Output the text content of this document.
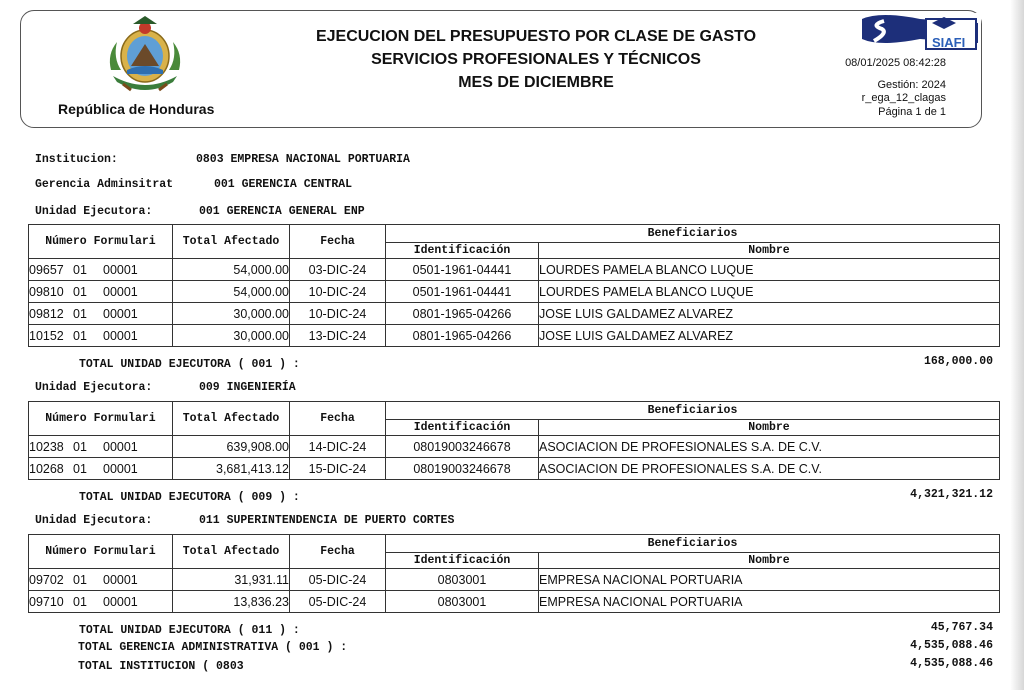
República de Honduras
EJECUCION DEL PRESUPUESTO POR CLASE DE GASTO
SERVICIOS PROFESIONALES Y TÉCNICOS
MES DE DICIEMBRE
SIAFI
08/01/2025 08:42:28
Gestión: 2024
r_ega_12_clagas
Página 1 de 1
Institucion:	0803 EMPRESA NACIONAL PORTUARIA
Gerencia Adminsitrat	001 GERENCIA CENTRAL
Unidad Ejecutora:	001 GERENCIA GENERAL ENP
Número Formulari	Total Afectado	Fecha	Beneficiarios	
			Identificación	Nombre
09657 01 00001	54,000.00	03-DIC-24	0501-1961-04441	LOURDES PAMELA BLANCO LUQUE
09810 01 00001	54,000.00	10-DIC-24	0501-1961-04441	LOURDES PAMELA BLANCO LUQUE
09812 01 00001	30,000.00	10-DIC-24	0801-1965-04266	JOSE LUIS GALDAMEZ ALVAREZ
10152 01 00001	30,000.00	13-DIC-24	0801-1965-04266	JOSE LUIS GALDAMEZ ALVAREZ
TOTAL UNIDAD EJECUTORA ( 001 ) :	168,000.00
Unidad Ejecutora:	009 INGENIERÍA
Número Formulari	Total Afectado	Fecha	Beneficiarios	
			Identificación	Nombre
10238 01 00001	639,908.00	14-DIC-24	08019003246678	ASOCIACION DE PROFESIONALES S.A. DE C.V.
10268 01 00001	3,681,413.12	15-DIC-24	08019003246678	ASOCIACION DE PROFESIONALES S.A. DE C.V.
TOTAL UNIDAD EJECUTORA ( 009 ) :	4,321,321.12
Unidad Ejecutora:	011 SUPERINTENDENCIA DE PUERTO CORTES
Número Formulari	Total Afectado	Fecha	Beneficiarios	
			Identificación	Nombre
09702 01 00001	31,931.11	05-DIC-24	0803001	EMPRESA NACIONAL PORTUARIA
09710 01 00001	13,836.23	05-DIC-24	0803001	EMPRESA NACIONAL PORTUARIA
TOTAL UNIDAD EJECUTORA ( 011 ) :	45,767.34
TOTAL GERENCIA ADMINISTRATIVA ( 001 ) :	4,535,088.46
TOTAL INSTITUCION ( 0803	4,535,088.46
